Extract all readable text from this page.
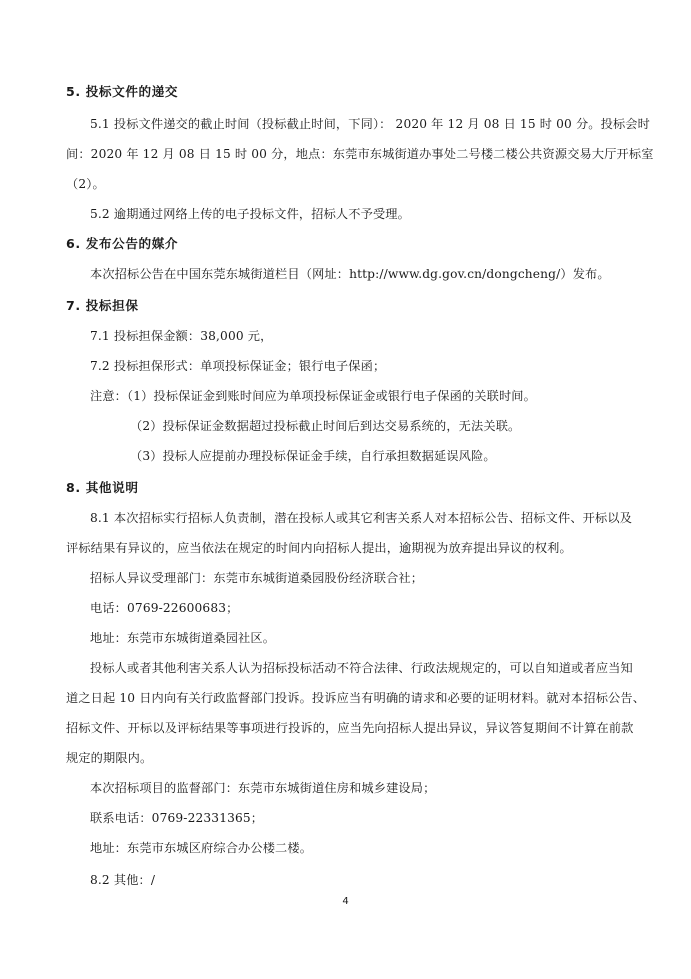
5. 投标文件的递交
5.1 投标文件递交的截止时间（投标截止时间，下同）： 2020 年 12 月 08 日 15 时 00 分。投标会时
间：2020 年 12 月 08 日 15 时 00 分，地点：东莞市东城街道办事处二号楼二楼公共资源交易大厅开标室
（2）。
5.2 逾期通过网络上传的电子投标文件，招标人不予受理。
6. 发布公告的媒介
本次招标公告在中国东莞东城街道栏目（网址：http://www.dg.gov.cn/dongcheng/）发布。
7. 投标担保
7.1 投标担保金额：38,000 元，
7.2 投标担保形式：单项投标保证金；银行电子保函；
注意：（1）投标保证金到账时间应为单项投标保证金或银行电子保函的关联时间。
（2）投标保证金数据超过投标截止时间后到达交易系统的，无法关联。
（3）投标人应提前办理投标保证金手续，自行承担数据延误风险。
8. 其他说明
8.1 本次招标实行招标人负责制，潜在投标人或其它利害关系人对本招标公告、招标文件、开标以及
评标结果有异议的，应当依法在规定的时间内向招标人提出，逾期视为放弃提出异议的权利。
招标人异议受理部门：东莞市东城街道桑园股份经济联合社；
电话：0769-22600683；
地址：东莞市东城街道桑园社区。
投标人或者其他利害关系人认为招标投标活动不符合法律、行政法规规定的，可以自知道或者应当知
道之日起 10 日内向有关行政监督部门投诉。投诉应当有明确的请求和必要的证明材料。就对本招标公告、
招标文件、开标以及评标结果等事项进行投诉的，应当先向招标人提出异议，异议答复期间不计算在前款
规定的期限内。
本次招标项目的监督部门：东莞市东城街道住房和城乡建设局；
联系电话：0769-22331365；
地址：东莞市东城区府综合办公楼二楼。
8.2 其他：/
4
